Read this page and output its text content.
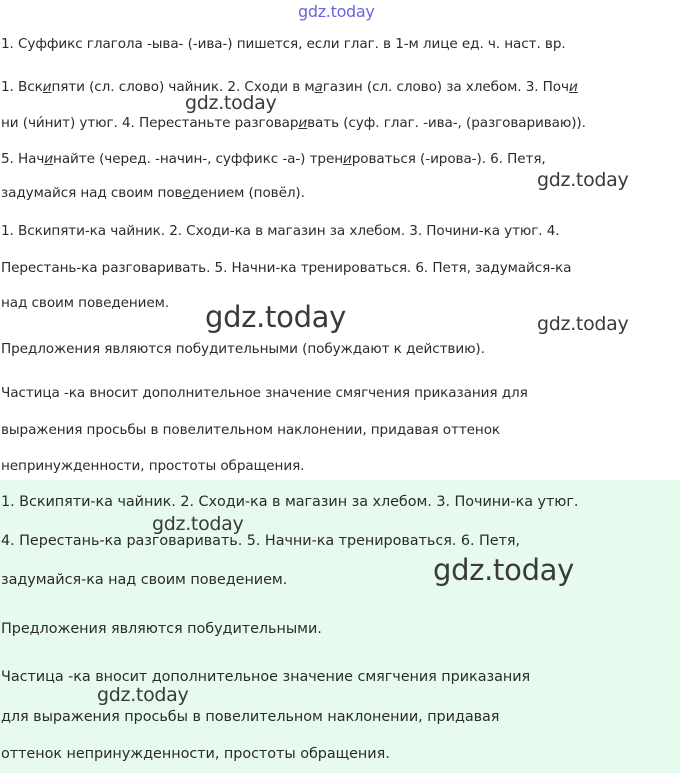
gdz.today
1. Суффикс глагола -ыва- (-ива-) пишется, если глаг. в 1-м лице ед. ч. наст. вр.
1. Вскипяти (сл. слово) чайник. 2. Сходи в магазин (сл. слово) за хлебом. 3. Почи
ни (чи́нит) утюг. 4. Перестаньте разговаривать (суф. глаг. -ива-, (разговариваю)).
5. Начинайте (черед. -начин-, суффикс -а-) тренироваться (-ирова-). 6. Петя,
задумайся над своим поведением (повёл).
1. Вскипяти-ка чайник. 2. Сходи-ка в магазин за хлебом. 3. Почини-ка утюг. 4.
Перестань-ка разговаривать. 5. Начни-ка тренироваться. 6. Петя, задумайся-ка
над своим поведением.
Предложения являются побудительными (побуждают к действию).
Частица -ка вносит дополнительное значение смягчения приказания для
выражения просьбы в повелительном наклонении, придавая оттенок
непринужденности, простоты обращения.
1. Вскипяти-ка чайник. 2. Сходи-ка в магазин за хлебом. 3. Почини-ка утюг.
4. Перестань-ка разговаривать. 5. Начни-ка тренироваться. 6. Петя,
задумайся-ка над своим поведением.
Предложения являются побудительными.
Частица -ка вносит дополнительное значение смягчения приказания
для выражения просьбы в повелительном наклонении, придавая
оттенок непринужденности, простоты обращения.
gdz.today
gdz.today
gdz.today	gdz.today
gdz.today
gdz.today
gdz.today
